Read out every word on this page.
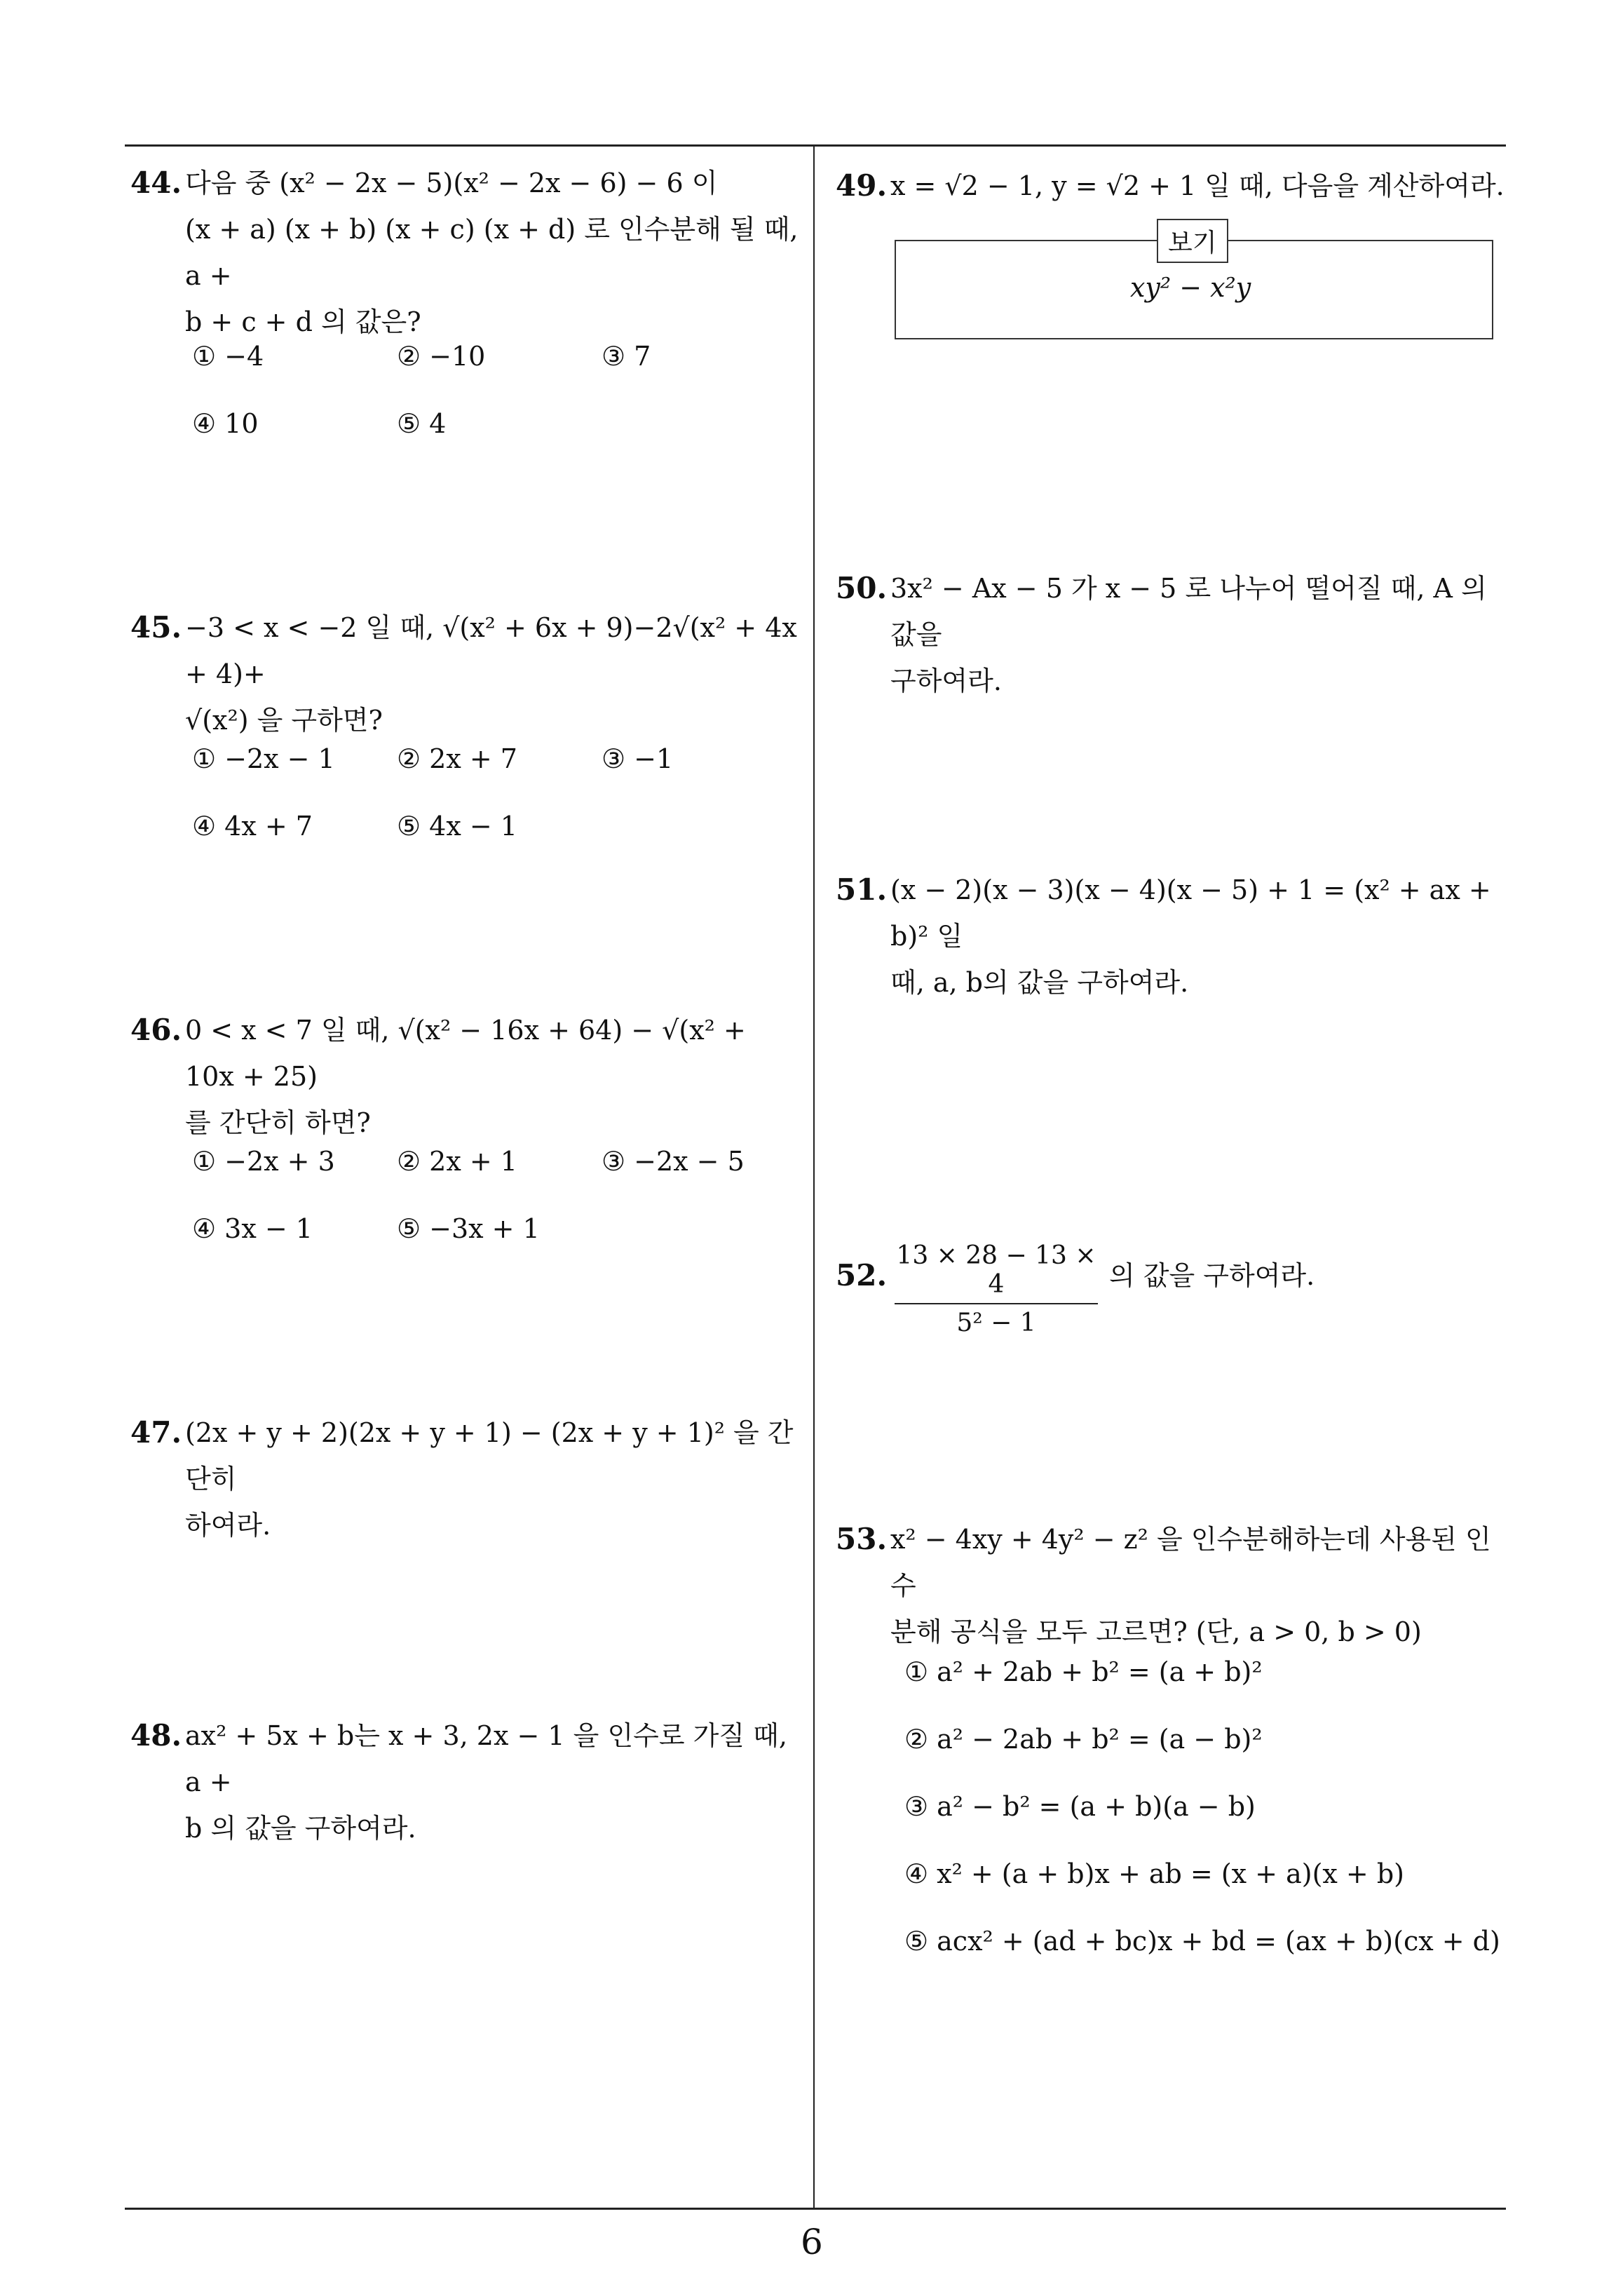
44. 다음 중 (x² − 2x − 5)(x² − 2x − 6) − 6 이
(x + a) (x + b) (x + c) (x + d) 로 인수분해 될 때, a +
b + c + d 의 값은?
① −4	② −10	③ 7
④ 10	⑤ 4
45. −3 < x < −2 일 때, √(x² + 6x + 9)−2√(x² + 4x + 4)+
√(x²) 을 구하면?
① −2x − 1 ② 2x + 7	③ −1
④ 4x + 7	⑤ 4x − 1
46. 0 < x < 7 일 때, √(x² − 16x + 64) − √(x² + 10x + 25)
를 간단히 하면?
① −2x + 3 ② 2x + 1	③ −2x − 5
④ 3x − 1	⑤ −3x + 1
47. (2x + y + 2)(2x + y + 1) − (2x + y + 1)² 을 간단히
하여라.
48. ax² + 5x + b는 x + 3, 2x − 1 을 인수로 가질 때, a +
b 의 값을 구하여라.
49. x = √2 − 1, y = √2 + 1 일 때, 다음을 계산하여라.
보기
xy² − x²y
50. 3x² − Ax − 5 가 x − 5 로 나누어 떨어질 때, A 의 값을
구하여라.
51. (x − 2)(x − 3)(x − 4)(x − 5) + 1 = (x² + ax + b)² 일
때, a, b의 값을 구하여라.
52.
13 × 28 − 13 × 4
5² − 1
의 값을 구하여라.
53. x² − 4xy + 4y² − z² 을 인수분해하는데 사용된 인수
분해 공식을 모두 고르면? (단, a > 0, b > 0)
① a² + 2ab + b² = (a + b)²
② a² − 2ab + b² = (a − b)²
③ a² − b² = (a + b)(a − b)
④ x² + (a + b)x + ab = (x + a)(x + b)
⑤ acx² + (ad + bc)x + bd = (ax + b)(cx + d)
6
